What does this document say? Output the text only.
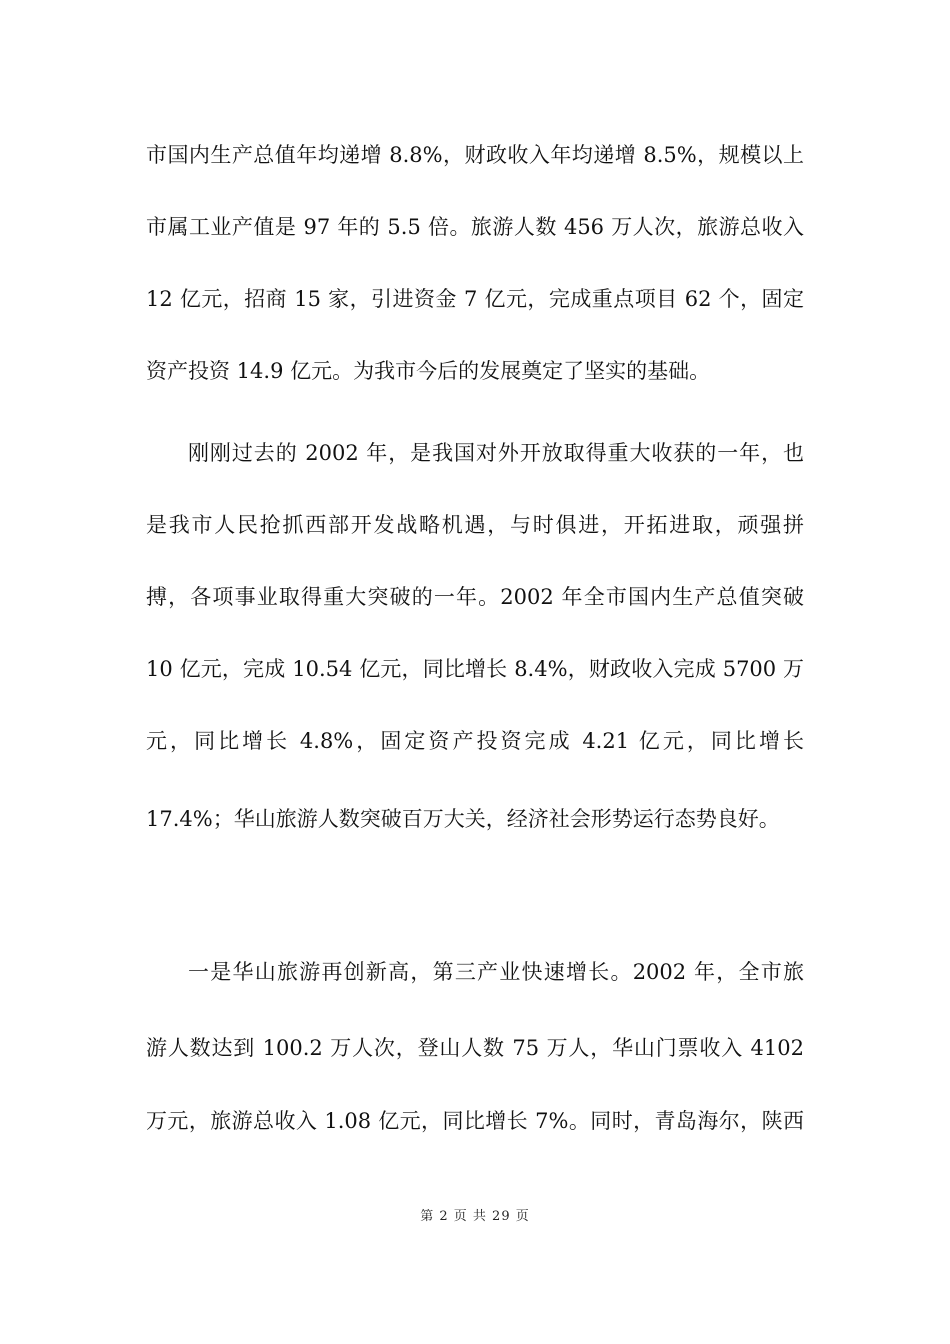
市国内生产总值年均递增 8.8%，财政收入年均递增 8.5%，规模以上
市属工业产值是 97 年的 5.5 倍。旅游人数 456 万人次，旅游总收入
12 亿元，招商 15 家，引进资金 7 亿元，完成重点项目 62 个，固定
资产投资 14.9 亿元。为我市今后的发展奠定了坚实的基础。
刚刚过去的 2002 年，是我国对外开放取得重大收获的一年，也
是我市人民抢抓西部开发战略机遇，与时俱进，开拓进取，顽强拼
搏，各项事业取得重大突破的一年。2002 年全市国内生产总值突破
10 亿元，完成 10.54 亿元，同比增长 8.4%，财政收入完成 5700 万
元，同比增长 4.8%，固定资产投资完成 4.21 亿元，同比增长
17.4%；华山旅游人数突破百万大关，经济社会形势运行态势良好。
一是华山旅游再创新高，第三产业快速增长。2002 年，全市旅
游人数达到 100.2 万人次，登山人数 75 万人，华山门票收入 4102
万元，旅游总收入 1.08 亿元，同比增长 7%。同时，青岛海尔，陕西
第 2 页 共 29 页
